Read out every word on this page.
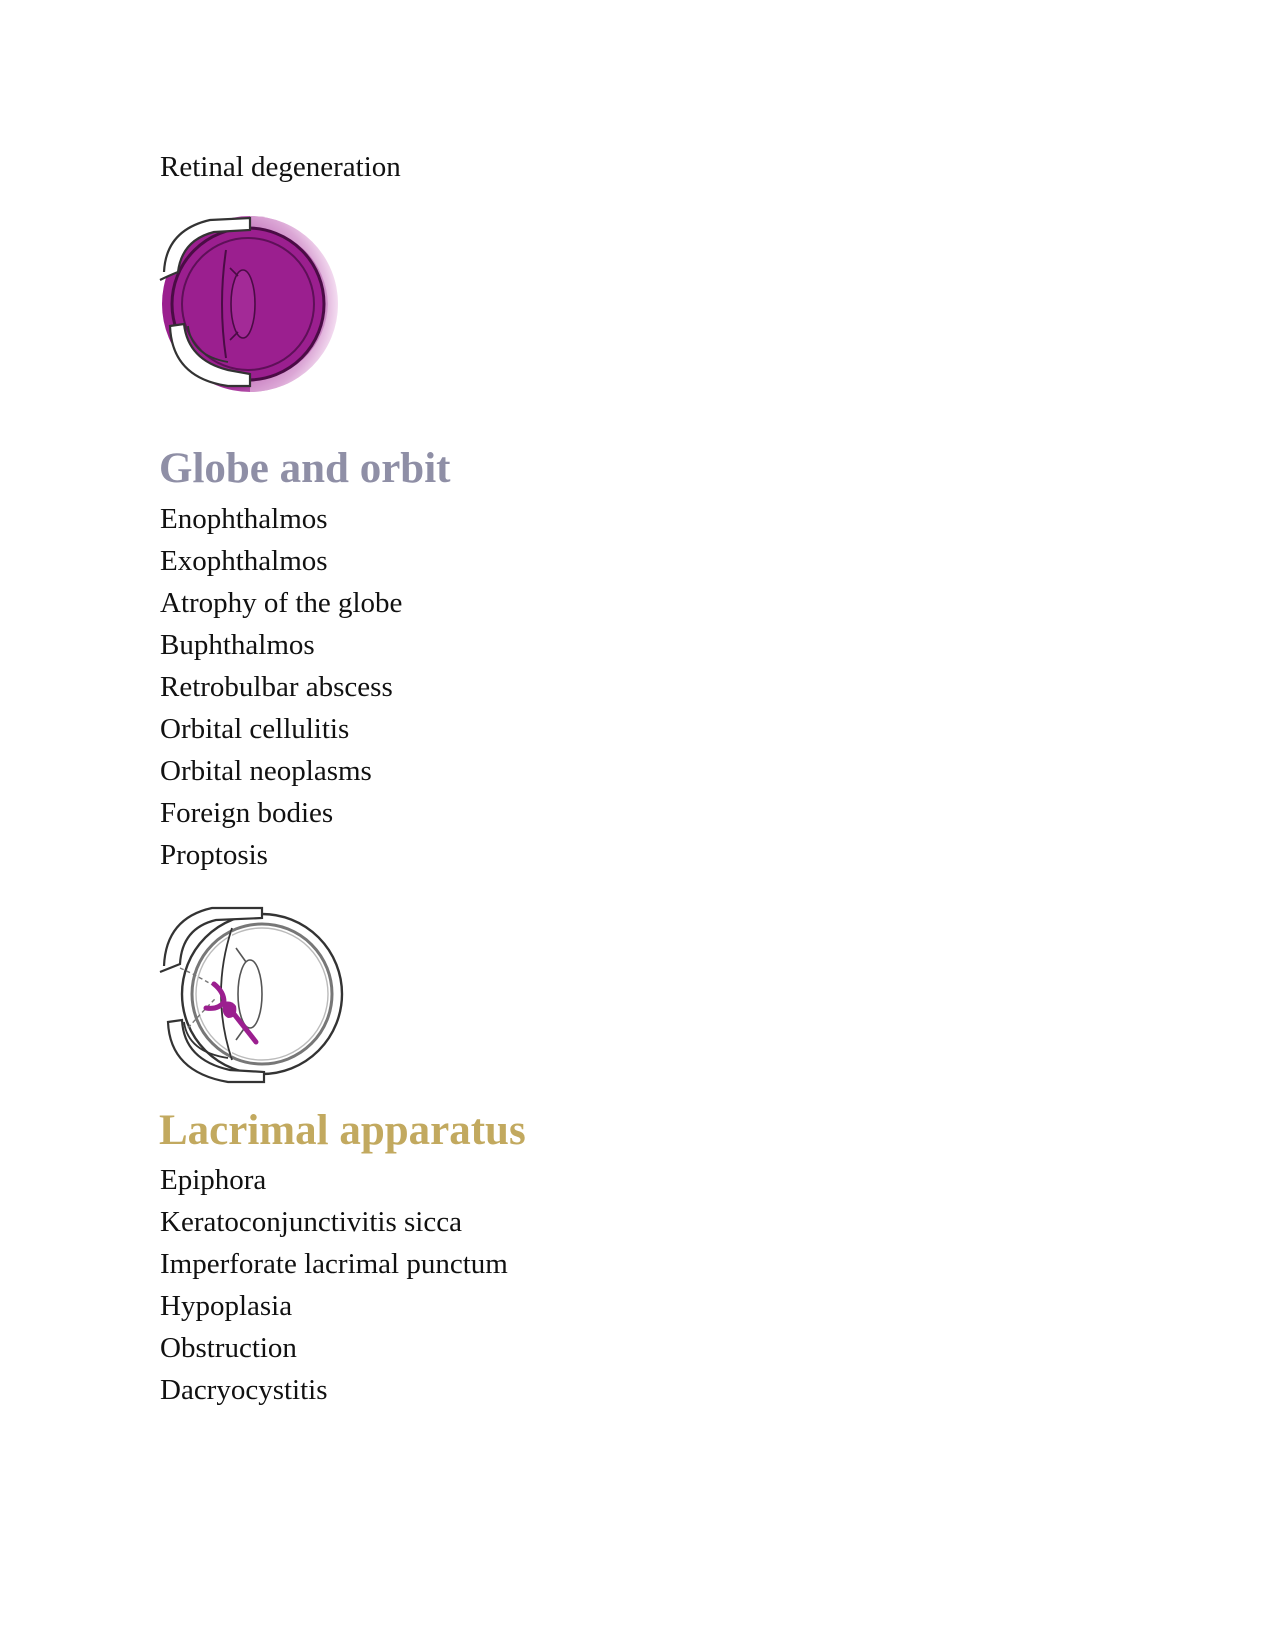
Retinal degeneration
Globe and orbit
Enophthalmos
Exophthalmos
Atrophy of the globe
Buphthalmos
Retrobulbar abscess
Orbital cellulitis
Orbital neoplasms
Foreign bodies
Proptosis
Lacrimal apparatus
Epiphora
Keratoconjunctivitis sicca
Imperforate lacrimal punctum
Hypoplasia
Obstruction
Dacryocystitis
